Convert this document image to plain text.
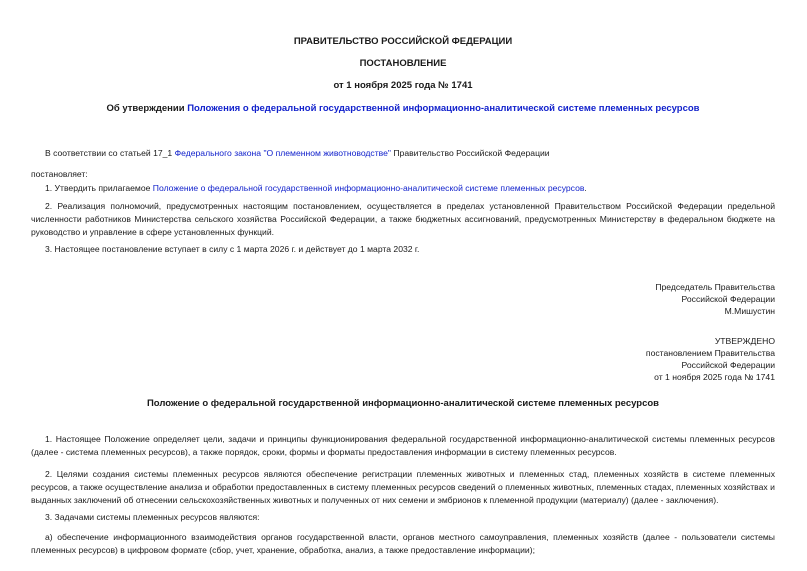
ПРАВИТЕЛЬСТВО РОССИЙСКОЙ ФЕДЕРАЦИИ

ПОСТАНОВЛЕНИЕ

от 1 ноября 2025 года № 1741

Об утверждении Положения о федеральной государственной информационно-аналитической системе племенных ресурсов

В соответствии со статьей 17_1 Федерального закона "О племенном животноводстве" Правительство Российской Федерации

постановляет:

1. Утвердить прилагаемое Положение о федеральной государственной информационно-аналитической системе племенных ресурсов.

2. Реализация полномочий, предусмотренных настоящим постановлением, осуществляется в пределах установленной Правительством Российской Федерации предельной численности работников Министерства сельского хозяйства Российской Федерации, а также бюджетных ассигнований, предусмотренных Министерству в федеральном бюджете на руководство и управление в сфере установленных функций.

3. Настоящее постановление вступает в силу с 1 марта 2026 г. и действует до 1 марта 2032 г.

Председатель Правительства
Российской Федерации
М.Мишустин
УТВЕРЖДЕНО
постановлением Правительства
Российской Федерации
от 1 ноября 2025 года № 1741

Положение о федеральной государственной информационно-аналитической системе племенных ресурсов

1. Настоящее Положение определяет цели, задачи и принципы функционирования федеральной государственной информационно-аналитической системы племенных ресурсов (далее - система племенных ресурсов), а также порядок, сроки, формы и форматы предоставления информации в систему племенных ресурсов.

2. Целями создания системы племенных ресурсов являются обеспечение регистрации племенных животных и племенных стад, племенных хозяйств в системе племенных ресурсов, а также осуществление анализа и обработки предоставленных в систему племенных ресурсов сведений о племенных животных, племенных стадах, племенных хозяйствах и выданных заключений об отнесении сельскохозяйственных животных и полученных от них семени и эмбрионов к племенной продукции (материалу) (далее - заключения).

3. Задачами системы племенных ресурсов являются:

а) обеспечение информационного взаимодействия органов государственной власти, органов местного самоуправления, племенных хозяйств (далее - пользователи системы племенных ресурсов) в цифровом формате (сбор, учет, хранение, обработка, анализ, а также предоставление информации);
